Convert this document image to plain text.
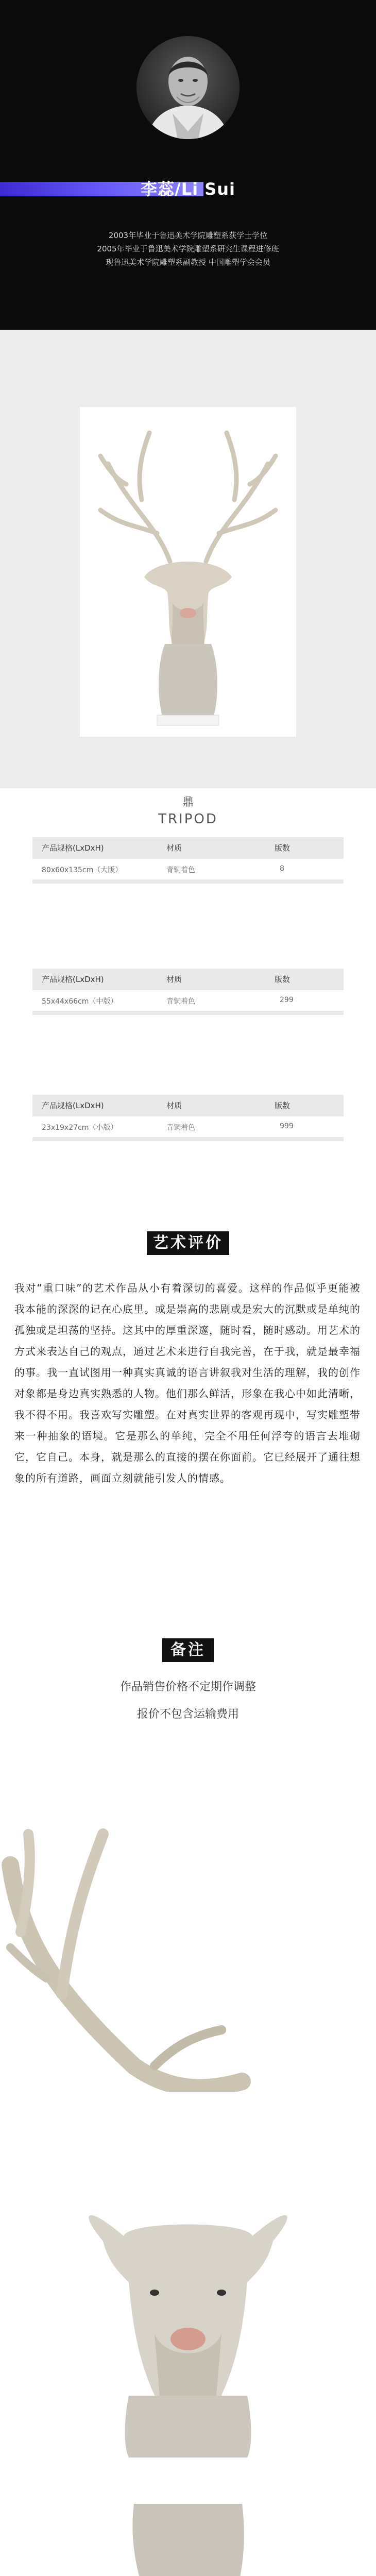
李蕊/Li Sui
2003年毕业于鲁迅美术学院雕塑系获学士学位
2005年毕业于鲁迅美术学院雕塑系研究生课程进修班
现鲁迅美术学院雕塑系副教授 中国雕塑学会会员
鼎
TRIPOD
产品规格(LxDxH)	材质	版数
80x60x135cm（大版）	青铜着色	8
产品规格(LxDxH)	材质	版数
55x44x66cm（中版）	青铜着色	299
产品规格(LxDxH)	材质	版数
23x19x27cm（小版）	青铜着色	999
艺术评价
我对“重口味”的艺术作品从小有着深切的喜爱。这样的作品似乎更能被我本能的深深的记在心底里。或是崇高的悲剧或是宏大的沉默或是单纯的孤独或是坦荡的坚持。这其中的厚重深邃，随时看，随时感动。用艺术的方式来表达自己的观点，通过艺术来进行自我完善，在于我，就是最幸福的事。我一直试图用一种真实真诚的语言讲叙我对生活的理解，我的创作对象都是身边真实熟悉的人物。他们那么鲜活，形象在我心中如此清晰，我不得不用。我喜欢写实雕塑。在对真实世界的客观再现中，写实雕塑带来一种抽象的语境。它是那么的单纯，完全不用任何浮夸的语言去堆砌它，它自己。本身，就是那么的直接的摆在你面前。它已经展开了通往想象的所有道路，画面立刻就能引发人的情感。
备注
作品销售价格不定期作调整
报价不包含运输费用
